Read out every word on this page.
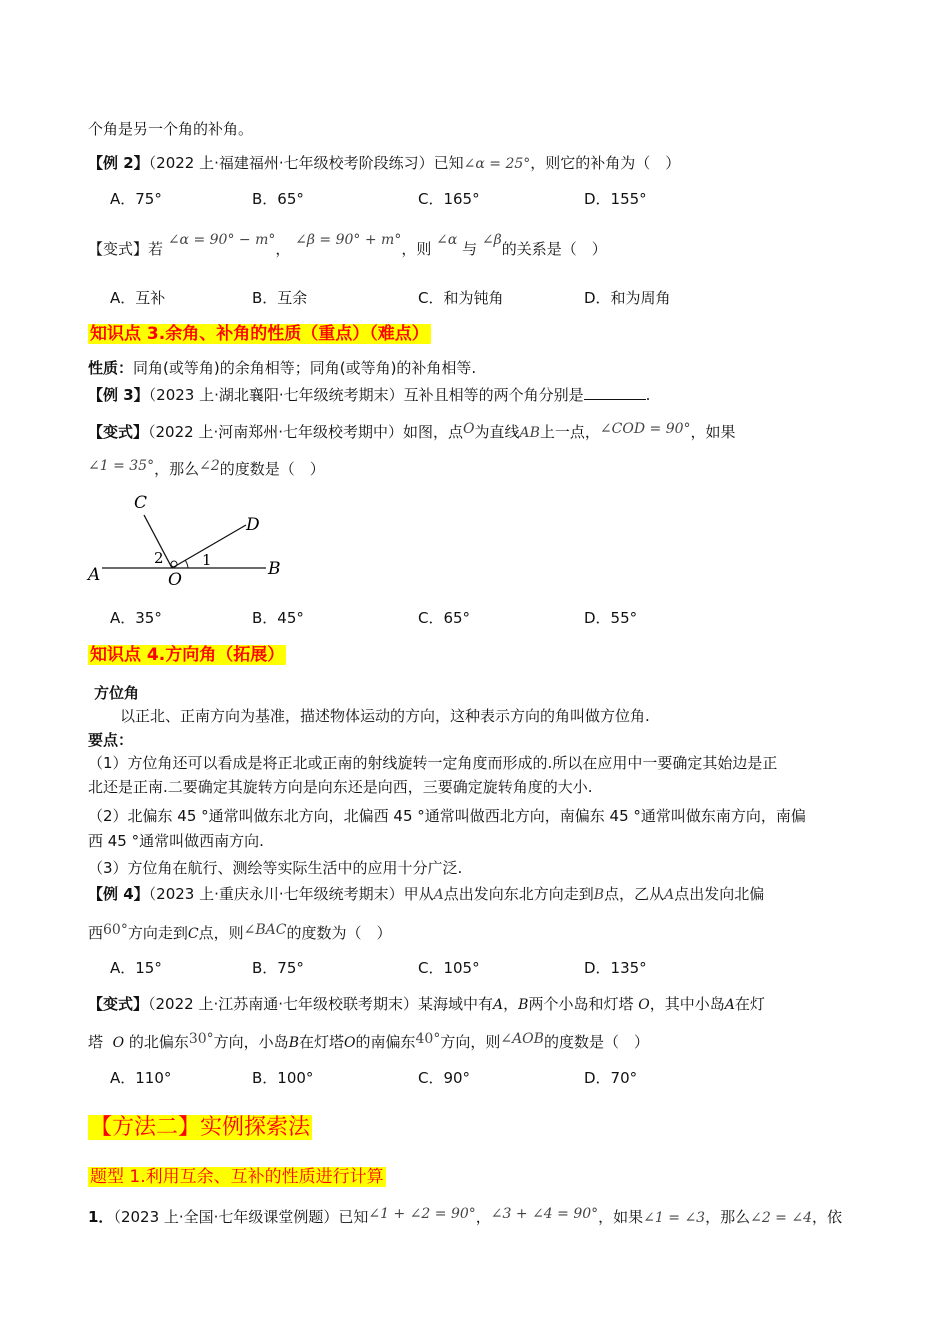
个角是另一个角的补角。
【例 2】（2022 上·福建福州·七年级校考阶段练习）已知∠α = 25°，则它的补角为（　）
A．75°	B．65°	C．165°	D．155°
【变式】若 ∠α = 90° − m°， ∠β = 90° + m°，则 ∠α 与 ∠β的关系是（　）
A．互补	B．互余	C．和为钝角	D．和为周角
知识点 3.余角、补角的性质（重点）（难点）
性质：同角(或等角)的余角相等；同角(或等角)的补角相等.
【例 3】（2023 上·湖北襄阳·七年级统考期末）互补且相等的两个角分别是	.
【变式】（2022 上·河南郑州·七年级校考期中）如图，点O为直线AB上一点，∠COD = 90°，如果
∠1 = 35°，那么∠2的度数是（　）
C
D
A	O
B
1
2
A．35°	B．45°	C．65°	D．55°
知识点 4.方向角（拓展）
方位角
以正北、正南方向为基准，描述物体运动的方向，这种表示方向的角叫做方位角.
要点：
（1）方位角还可以看成是将正北或正南的射线旋转一定角度而形成的.所以在应用中一要确定其始边是正
北还是正南.二要确定其旋转方向是向东还是向西，三要确定旋转角度的大小.
（2）北偏东 45 °通常叫做东北方向，北偏西 45 °通常叫做西北方向，南偏东 45 °通常叫做东南方向，南偏
西 45 °通常叫做西南方向.
（3）方位角在航行、测绘等实际生活中的应用十分广泛.
【例 4】（2023 上·重庆永川·七年级统考期末）甲从A点出发向东北方向走到B点，乙从A点出发向北偏
西60°方向走到C点，则∠BAC的度数为（　）
A．15°	B．75°	C．105°	D．135°
【变式】（2022 上·江苏南通·七年级校联考期末）某海域中有A，B两个小岛和灯塔 O，其中小岛A在灯
塔 O 的北偏东30°方向，小岛B在灯塔O的南偏东40°方向，则∠AOB的度数是（　）
A．110°	B．100°	C．90°	D．70°
【方法二】实例探索法
题型 1.利用互余、互补的性质进行计算
1．（2023 上·全国·七年级课堂例题）已知∠1 + ∠2 = 90°，∠3 + ∠4 = 90°，如果∠1 = ∠3，那么∠2 = ∠4，依
